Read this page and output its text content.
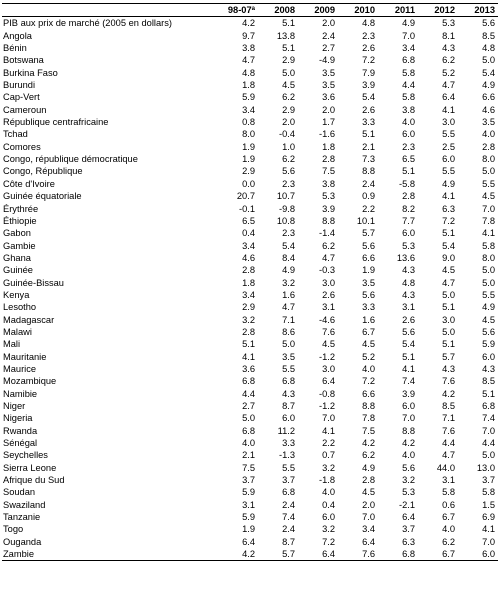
	98-07$^a$	2008	2009	2010	2011	2012	2013
PIB aux prix de marché (2005 en dollars)	4.2	5.1	2.0	4.8	4.9	5.3	5.6
Angola	9.7	13.8	2.4	2.3	7.0	8.1	8.5
Bénin	3.8	5.1	2.7	2.6	3.4	4.3	4.8
Botswana	4.7	2.9	-4.9	7.2	6.8	6.2	5.0
Burkina Faso	4.8	5.0	3.5	7.9	5.8	5.2	5.4
Burundi	1.8	4.5	3.5	3.9	4.4	4.7	4.9
Cap-Vert	5.9	6.2	3.6	5.4	5.8	6.4	6.6
Cameroun	3.4	2.9	2.0	2.6	3.8	4.1	4.6
République centrafricaine	0.8	2.0	1.7	3.3	4.0	3.0	3.5
Tchad	8.0	-0.4	-1.6	5.1	6.0	5.5	4.0
Comores	1.9	1.0	1.8	2.1	2.3	2.5	2.8
Congo, république démocratique	1.9	6.2	2.8	7.3	6.5	6.0	8.0
Congo, République	2.9	5.6	7.5	8.8	5.1	5.5	5.0
Côte d'Ivoire	0.0	2.3	3.8	2.4	-5.8	4.9	5.5
Guinée équatoriale	20.7	10.7	5.3	0.9	2.8	4.1	4.5
Érythrée	-0.1	-9.8	3.9	2.2	8.2	6.3	7.0
Éthiopie	6.5	10.8	8.8	10.1	7.7	7.2	7.8
Gabon	0.4	2.3	-1.4	5.7	6.0	5.1	4.1
Gambie	3.4	5.4	6.2	5.6	5.3	5.4	5.8
Ghana	4.6	8.4	4.7	6.6	13.6	9.0	8.0
Guinée	2.8	4.9	-0.3	1.9	4.3	4.5	5.0
Guinée-Bissau	1.8	3.2	3.0	3.5	4.8	4.7	5.0
Kenya	3.4	1.6	2.6	5.6	4.3	5.0	5.5
Lesotho	2.9	4.7	3.1	3.3	3.1	5.1	4.9
Madagascar	3.2	7.1	-4.6	1.6	2.6	3.0	4.5
Malawi	2.8	8.6	7.6	6.7	5.6	5.0	5.6
Mali	5.1	5.0	4.5	4.5	5.4	5.1	5.9
Mauritanie	4.1	3.5	-1.2	5.2	5.1	5.7	6.0
Maurice	3.6	5.5	3.0	4.0	4.1	4.3	4.3
Mozambique	6.8	6.8	6.4	7.2	7.4	7.6	8.5
Namibie	4.4	4.3	-0.8	6.6	3.9	4.2	5.1
Niger	2.7	8.7	-1.2	8.8	6.0	8.5	6.8
Nigeria	5.0	6.0	7.0	7.8	7.0	7.1	7.4
Rwanda	6.8	11.2	4.1	7.5	8.8	7.6	7.0
Sénégal	4.0	3.3	2.2	4.2	4.2	4.4	4.4
Seychelles	2.1	-1.3	0.7	6.2	4.0	4.7	5.0
Sierra Leone	7.5	5.5	3.2	4.9	5.6	44.0	13.0
Afrique du Sud	3.7	3.7	-1.8	2.8	3.2	3.1	3.7
Soudan	5.9	6.8	4.0	4.5	5.3	5.8	5.8
Swaziland	3.1	2.4	0.4	2.0	-2.1	0.6	1.5
Tanzanie	5.9	7.4	6.0	7.0	6.4	6.7	6.9
Togo	1.9	2.4	3.2	3.4	3.7	4.0	4.1
Ouganda	6.4	8.7	7.2	6.4	6.3	6.2	7.0
Zambie	4.2	5.7	6.4	7.6	6.8	6.7	6.0
